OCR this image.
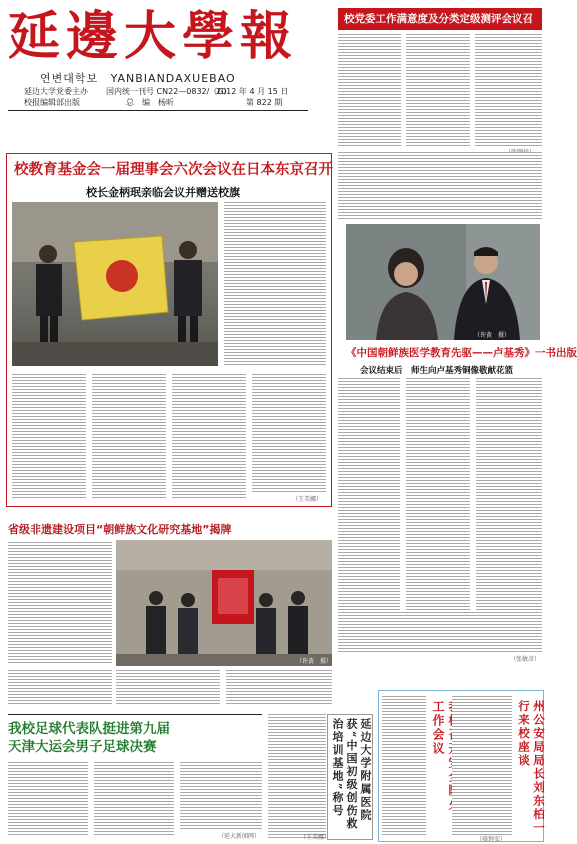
延邊大學報
연변대학보 YANBIANDAXUEBAO
延边大学党委主办
校报编辑部出版
国内统一刊号 CN22—0832/（G）
总　编　杨昕
2012 年 4 月 15 日
第 822 期
校党委工作满意度及分类定级测评会议召
校教育基金会一届理事会六次会议在日本东京召开
校长金柄珉亲临会议并赠送校旗
（王美娜）
（许黄　摄）
《中国朝鲜族医学教育先驱——卢基秀》一书出版
会议结束后　师生向卢基秀铜像敬献花篮
（张敏彦）
省级非遗建设项目“朝鲜族文化研究基地”揭牌
（许黄　摄）
我校足球代表队挺进第九届
天津大运会男子足球决赛
（延大新闻网）
延边大学附属医院获“中国初级创伤救治培训基地”称号
（王美娜）
工作会议	州公安局局长刘东柏一行来校座谈
（骆钟安）
